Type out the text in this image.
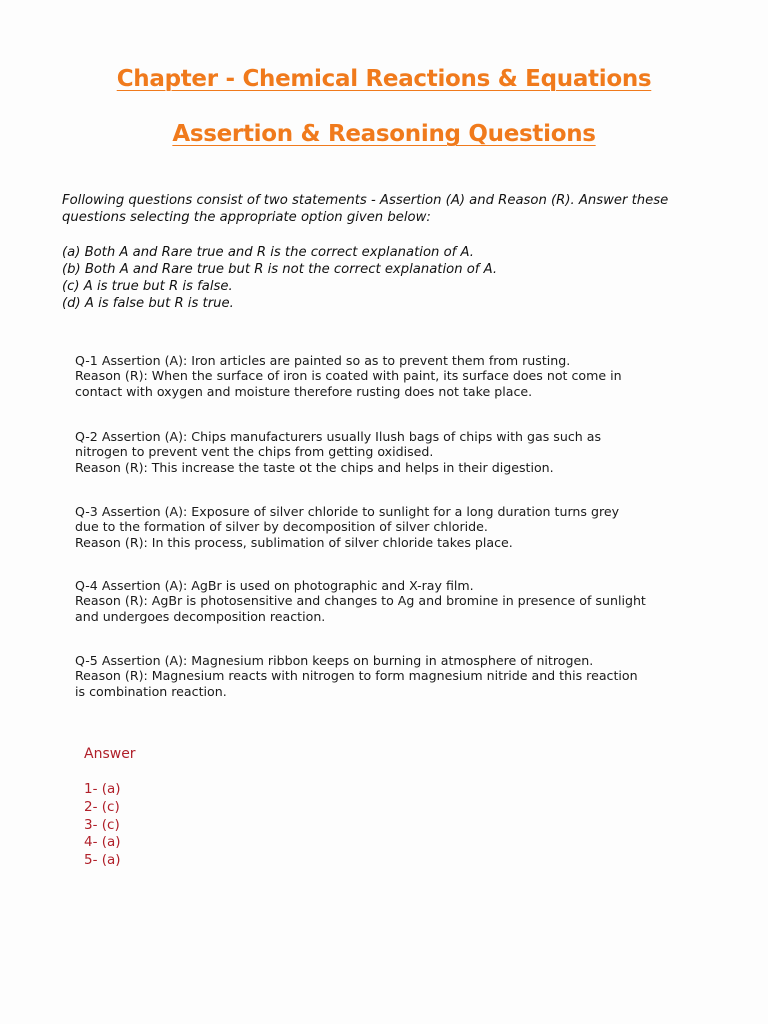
Chapter - Chemical Reactions & Equations
Assertion & Reasoning Questions
Following questions consist of two statements - Assertion (A) and Reason (R). Answer these
questions selecting the appropriate option given below:
(a) Both A and Rare true and R is the correct explanation of A.
(b) Both A and Rare true but R is not the correct explanation of A.
(c) A is true but R is false.
(d) A is false but R is true.
Q-1 Assertion (A): Iron articles are painted so as to prevent them from rusting.
Reason (R): When the surface of iron is coated with paint, its surface does not come in
contact with oxygen and moisture therefore rusting does not take place.
Q-2 Assertion (A): Chips manufacturers usually Ilush bags of chips with gas such as
nitrogen to prevent vent the chips from getting oxidised.
Reason (R): This increase the taste ot the chips and helps in their digestion.
Q-3 Assertion (A): Exposure of silver chloride to sunlight for a long duration turns grey
due to the formation of silver by decomposition of silver chloride.
Reason (R): In this process, sublimation of silver chloride takes place.
Q-4 Assertion (A): AgBr is used on photographic and X-ray film.
Reason (R): AgBr is photosensitive and changes to Ag and bromine in presence of sunlight
and undergoes decomposition reaction.
Q-5 Assertion (A): Magnesium ribbon keeps on burning in atmosphere of nitrogen.
Reason (R): Magnesium reacts with nitrogen to form magnesium nitride and this reaction
is combination reaction.
Answer
1- (a)
2- (c)
3- (c)
4- (a)
5- (a)
